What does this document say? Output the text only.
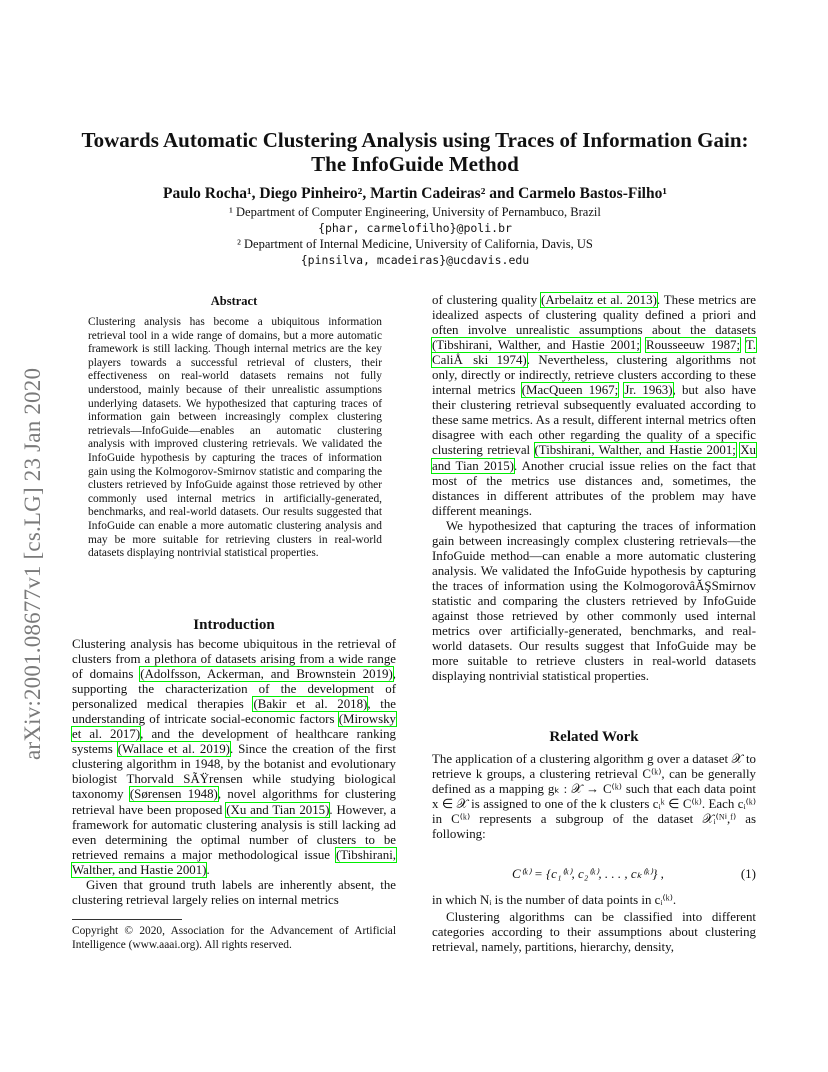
arXiv:2001.08677v1 [cs.LG] 23 Jan 2020
Towards Automatic Clustering Analysis using Traces of Information Gain: The InfoGuide Method
Paulo Rocha¹, Diego Pinheiro², Martin Cadeiras² and Carmelo Bastos-Filho¹
¹ Department of Computer Engineering, University of Pernambuco, Brazil
{phar, carmelofilho}@poli.br
² Department of Internal Medicine, University of California, Davis, US
{pinsilva, mcadeiras}@ucdavis.edu
Abstract
Clustering analysis has become a ubiquitous information retrieval tool in a wide range of domains, but a more automatic framework is still lacking. Though internal metrics are the key players towards a successful retrieval of clusters, their effectiveness on real-world datasets remains not fully understood, mainly because of their unrealistic assumptions underlying datasets. We hypothesized that capturing traces of information gain between increasingly complex clustering retrievals—InfoGuide—enables an automatic clustering analysis with improved clustering retrievals. We validated the InfoGuide hypothesis by capturing the traces of information gain using the Kolmogorov-Smirnov statistic and comparing the clusters retrieved by InfoGuide against those retrieved by other commonly used internal metrics in artificially-generated, benchmarks, and real-world datasets. Our results suggested that InfoGuide can enable a more automatic clustering analysis and may be more suitable for retrieving clusters in real-world datasets displaying nontrivial statistical properties.
Introduction

Clustering analysis has become ubiquitous in the retrieval of clusters from a plethora of datasets arising from a wide range of domains (Adolfsson, Ackerman, and Brownstein 2019), supporting the characterization of the development of personalized medical therapies (Bakir et al. 2018), the understanding of intricate social-economic factors (Mirowsky et al. 2017), and the development of healthcare ranking systems (Wallace et al. 2019). Since the creation of the first clustering algorithm in 1948, by the botanist and evolutionary biologist Thorvald SÃŸrensen while studying biological taxonomy (Sørensen 1948), novel algorithms for clustering retrieval have been proposed (Xu and Tian 2015). However, a framework for automatic clustering analysis is still lacking ad even determining the optimal number of clusters to be retrieved remains a major methodological issue (Tibshirani, Walther, and Hastie 2001).

Given that ground truth labels are inherently absent, the clustering retrieval largely relies on internal metrics

Copyright © 2020, Association for the Advancement of Artificial Intelligence (www.aaai.org). All rights reserved.

of clustering quality (Arbelaitz et al. 2013). These metrics are idealized aspects of clustering quality defined a priori and often involve unrealistic assumptions about the datasets (Tibshirani, Walther, and Hastie 2001; Rousseeuw 1987; T. CaliÅski 1974). Nevertheless, clustering algorithms not only, directly or indirectly, retrieve clusters according to these internal metrics (MacQueen 1967; Jr. 1963), but also have their clustering retrieval subsequently evaluated according to these same metrics. As a result, different internal metrics often disagree with each other regarding the quality of a specific clustering retrieval (Tibshirani, Walther, and Hastie 2001; Xu and Tian 2015). Another crucial issue relies on the fact that most of the metrics use distances and, sometimes, the distances in different attributes of the problem may have different meanings.

We hypothesized that capturing the traces of information gain between increasingly complex clustering retrievals—the InfoGuide method—can enable a more automatic clustering analysis. We validated the InfoGuide hypothesis by capturing the traces of information using the KolmogorovâĂŞSmirnov statistic and comparing the clusters retrieved by InfoGuide against those retrieved by other commonly used internal metrics over artificially-generated, benchmarks, and real-world datasets. Our results suggest that InfoGuide may be more suitable to retrieve clusters in real-world datasets displaying nontrivial statistical properties.

Related Work
The application of a clustering algorithm g over a dataset 𝒳 to retrieve k groups, a clustering retrieval C⁽ᵏ⁾, can be generally defined as a mapping gₖ : 𝒳 → C⁽ᵏ⁾ such that each data point x ∈ 𝒳 is assigned to one of the k clusters cᵢᵏ ∈ C⁽ᵏ⁾. Each cᵢ⁽ᵏ⁾ in C⁽ᵏ⁾ represents a subgroup of the dataset 𝒳ᵢ⁽ᴺⁱ,ᶠ⁾ as following:
C⁽ᵏ⁾ = {c₁⁽ᵏ⁾, c₂⁽ᵏ⁾, . . . , cₖ⁽ᵏ⁾} ,	(1)
in which Nᵢ is the number of data points in cᵢ⁽ᵏ⁾.
Clustering algorithms can be classified into different categories according to their assumptions about clustering retrieval, namely, partitions, hierarchy, density,
